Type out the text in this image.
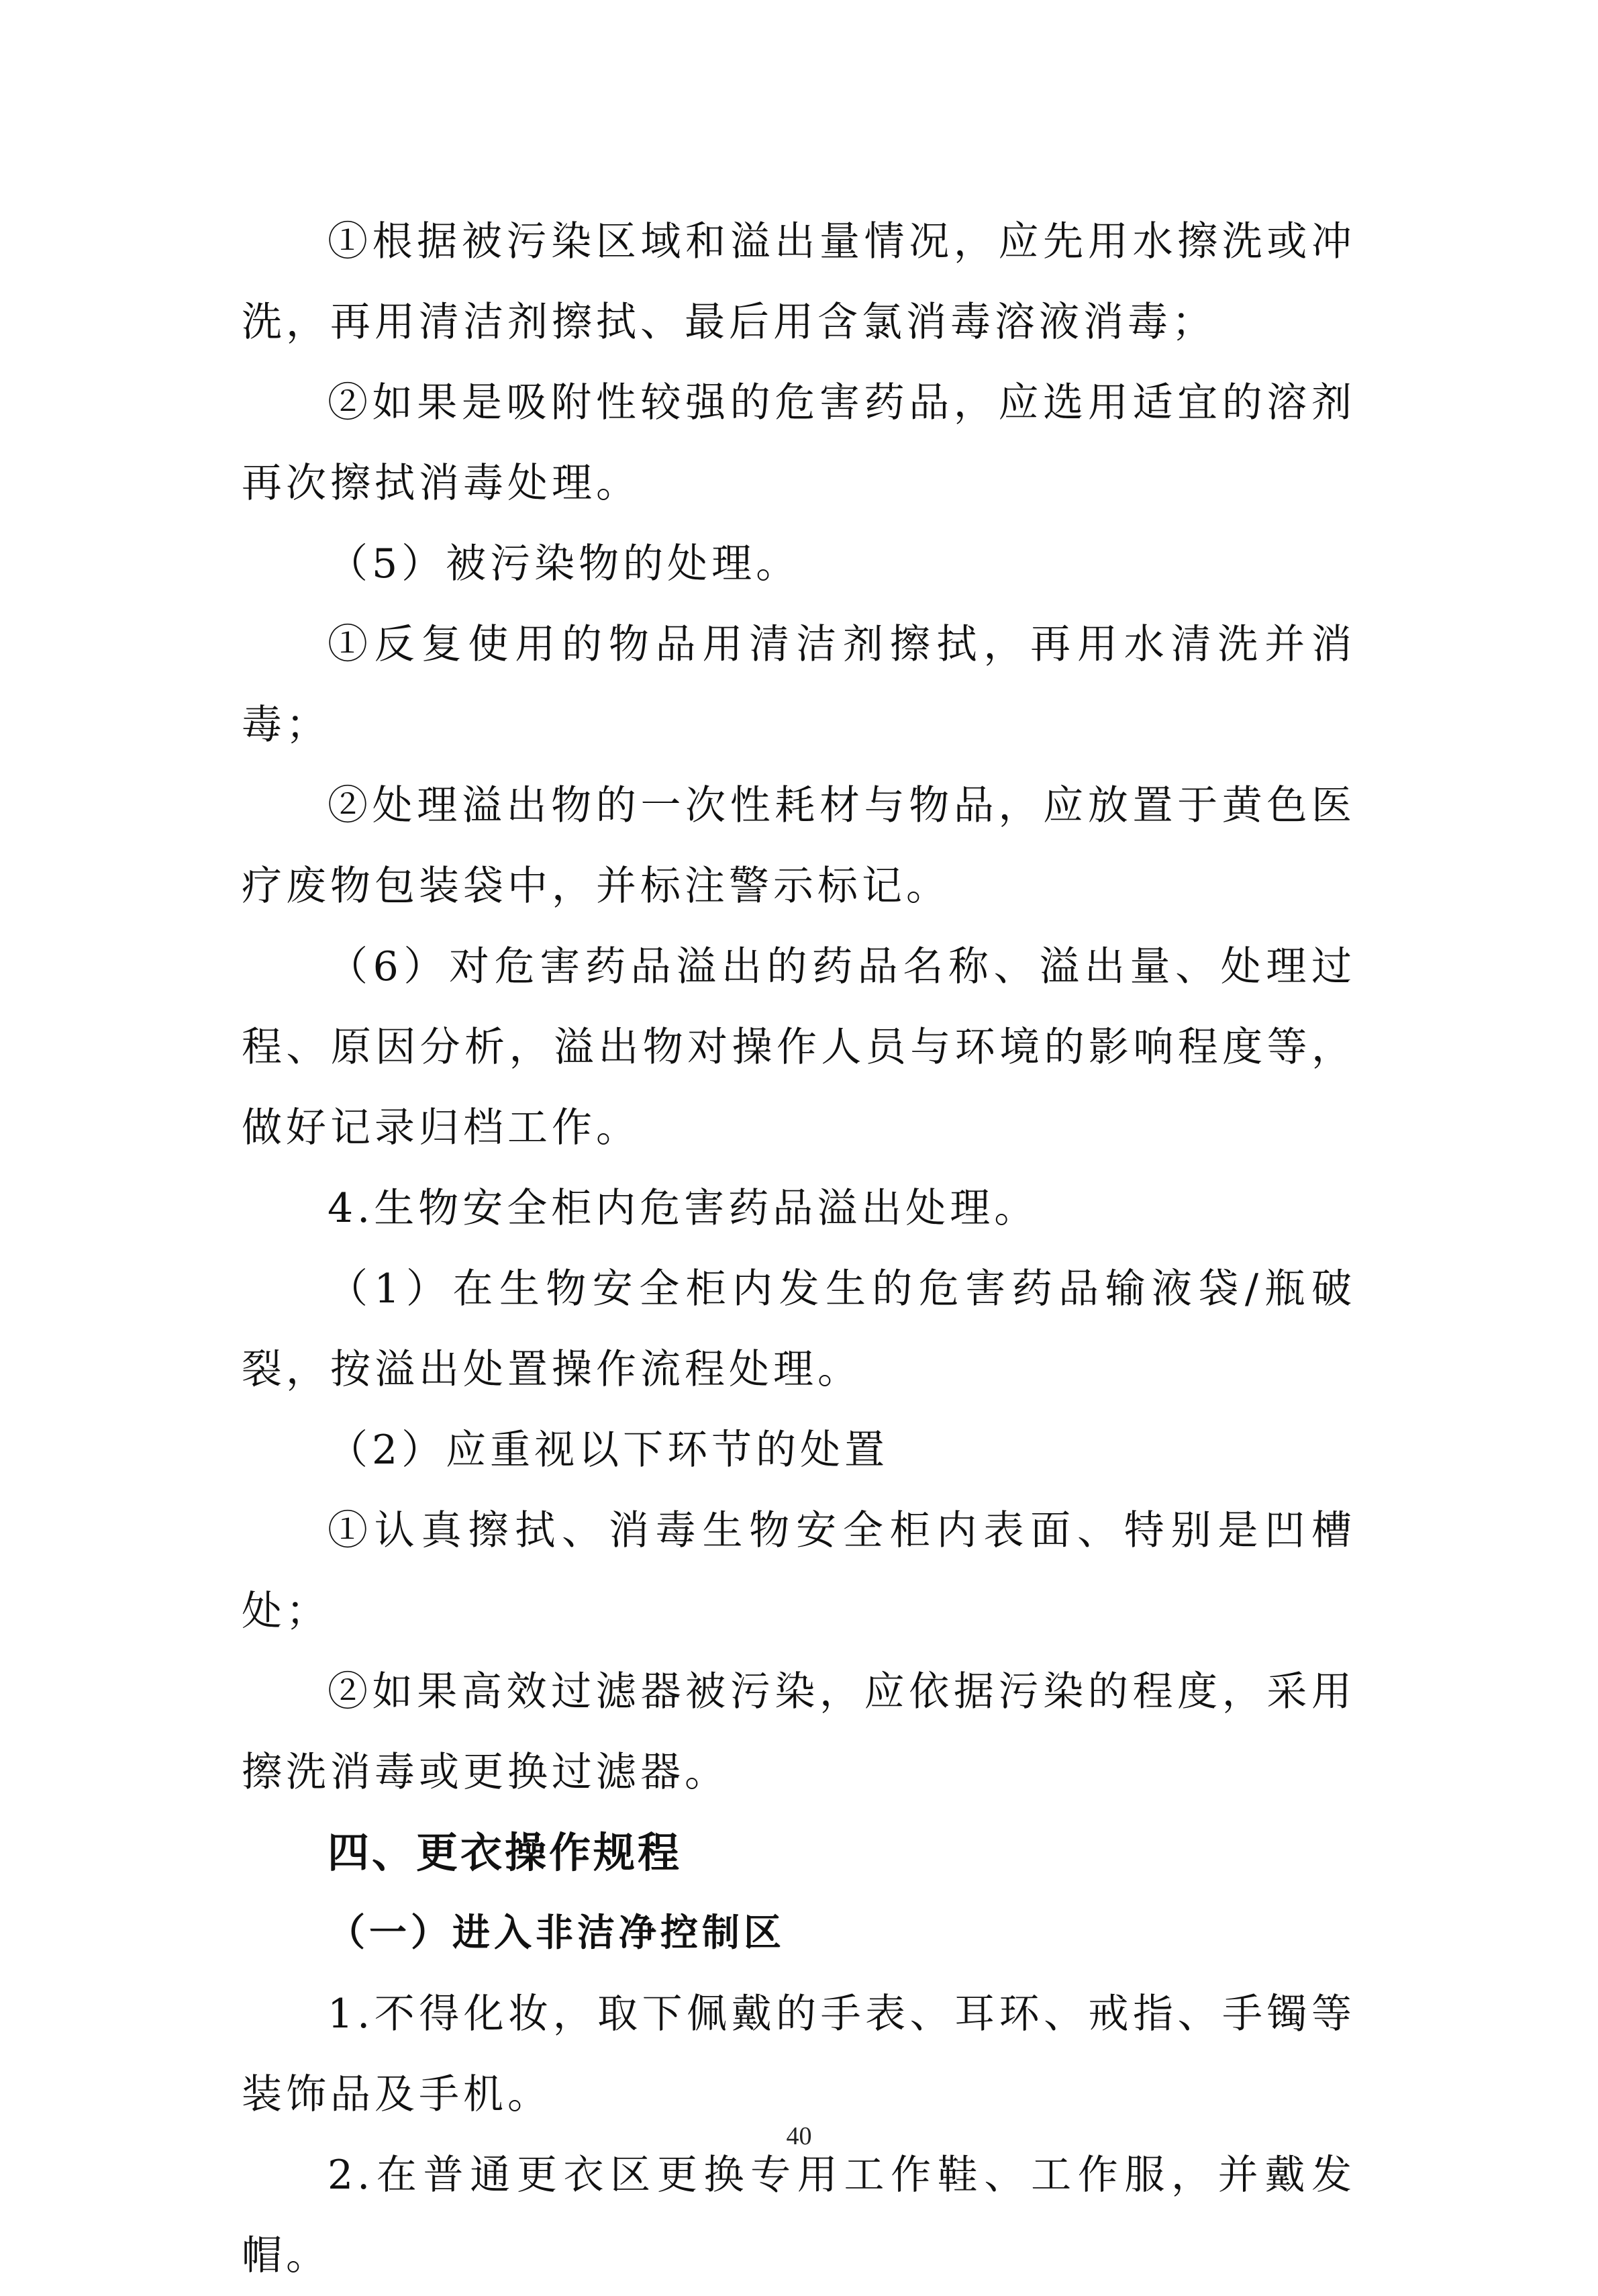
①根据被污染区域和溢出量情况，应先用水擦洗或冲洗，再用清洁剂擦拭、最后用含氯消毒溶液消毒；

②如果是吸附性较强的危害药品，应选用适宜的溶剂再次擦拭消毒处理。

（5）被污染物的处理。

①反复使用的物品用清洁剂擦拭，再用水清洗并消毒；

②处理溢出物的一次性耗材与物品，应放置于黄色医疗废物包装袋中，并标注警示标记。

（6）对危害药品溢出的药品名称、溢出量、处理过程、原因分析，溢出物对操作人员与环境的影响程度等，做好记录归档工作。

4.生物安全柜内危害药品溢出处理。

（1）在生物安全柜内发生的危害药品输液袋/瓶破裂，按溢出处置操作流程处理。

（2）应重视以下环节的处置

①认真擦拭、消毒生物安全柜内表面、特别是凹槽处；

②如果高效过滤器被污染，应依据污染的程度，采用擦洗消毒或更换过滤器。

四、更衣操作规程
（一）进入非洁净控制区

1.不得化妆，取下佩戴的手表、耳环、戒指、手镯等装饰品及手机。

2.在普通更衣区更换专用工作鞋、工作服，并戴发帽。

40
